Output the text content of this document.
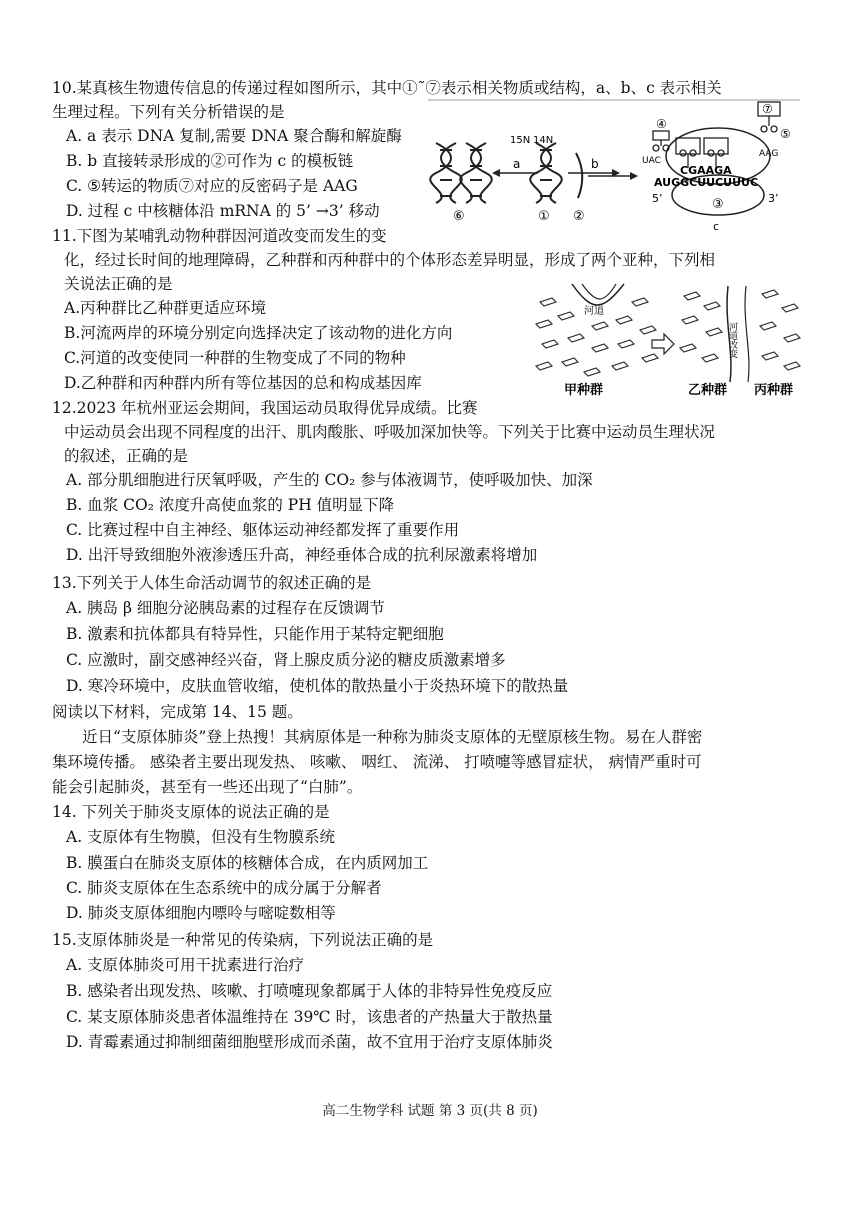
10.某真核生物遗传信息的传递过程如图所示，其中①˜⑦表示相关物质或结构，a、b、c 表示相关
生理过程。下列有关分析错误的是
A. a 表示 DNA 复制,需要 DNA 聚合酶和解旋酶
B. b 直接转录形成的②可作为 c 的模板链
C. ⑤转运的物质⑦对应的反密码子是 AAG
D. 过程 c 中核糖体沿 mRNA 的 5’ →3’ 移动	⑥
a
15N 14N
①
b
②
③
c
④
⑦
⑤
UAC
AAG
CGAAGA
AUGGCUUCUUUC
5’	3’
11.下图为某哺乳动物种群因河道改变而发生的变
化，经过长时间的地理障碍，乙种群和丙种群中的个体形态差异明显，形成了两个亚种，下列相
关说法正确的是
A.丙种群比乙种群更适应环境
B.河流两岸的环境分别定向选择决定了该动物的进化方向
C.河道的改变使同一种群的生物变成了不同的物种
D.乙种群和丙种群内所有等位基因的总和构成基因库
河道
甲种群
河道改变
乙种群 丙种群
12.2023 年杭州亚运会期间，我国运动员取得优异成绩。比赛
中运动员会出现不同程度的出汗、肌肉酸胀、呼吸加深加快等。下列关于比赛中运动员生理状况
的叙述，正确的是
A. 部分肌细胞进行厌氧呼吸，产生的 CO₂ 参与体液调节，使呼吸加快、加深
B. 血浆 CO₂ 浓度升高使血浆的 PH 值明显下降
C. 比赛过程中自主神经、躯体运动神经都发挥了重要作用
D. 出汗导致细胞外液渗透压升高，神经垂体合成的抗利尿激素将增加
13.下列关于人体生命活动调节的叙述正确的是
A. 胰岛 β 细胞分泌胰岛素的过程存在反馈调节
B. 激素和抗体都具有特异性，只能作用于某特定靶细胞
C. 应激时，副交感神经兴奋，肾上腺皮质分泌的糖皮质激素增多
D. 寒冷环境中，皮肤血管收缩，使机体的散热量小于炎热环境下的散热量
阅读以下材料，完成第 14、15 题。
近日“支原体肺炎”登上热搜！其病原体是一种称为肺炎支原体的无壁原核生物。易在人群密
集环境传播。 感染者主要出现发热、 咳嗽、 咽红、 流涕、 打喷嚏等感冒症状， 病情严重时可
能会引起肺炎，甚至有一些还出现了“白肺”。
14. 下列关于肺炎支原体的说法正确的是
A. 支原体有生物膜，但没有生物膜系统
B. 膜蛋白在肺炎支原体的核糖体合成，在内质网加工
C. 肺炎支原体在生态系统中的成分属于分解者
D. 肺炎支原体细胞内嘌呤与嘧啶数相等
15.支原体肺炎是一种常见的传染病，下列说法正确的是
A. 支原体肺炎可用干扰素进行治疗
B. 感染者出现发热、咳嗽、打喷嚏现象都属于人体的非特异性免疫反应
C. 某支原体肺炎患者体温维持在 39℃ 时，该患者的产热量大于散热量
D. 青霉素通过抑制细菌细胞壁形成而杀菌，故不宜用于治疗支原体肺炎
高二生物学科 试题 第 3 页(共 8 页)
